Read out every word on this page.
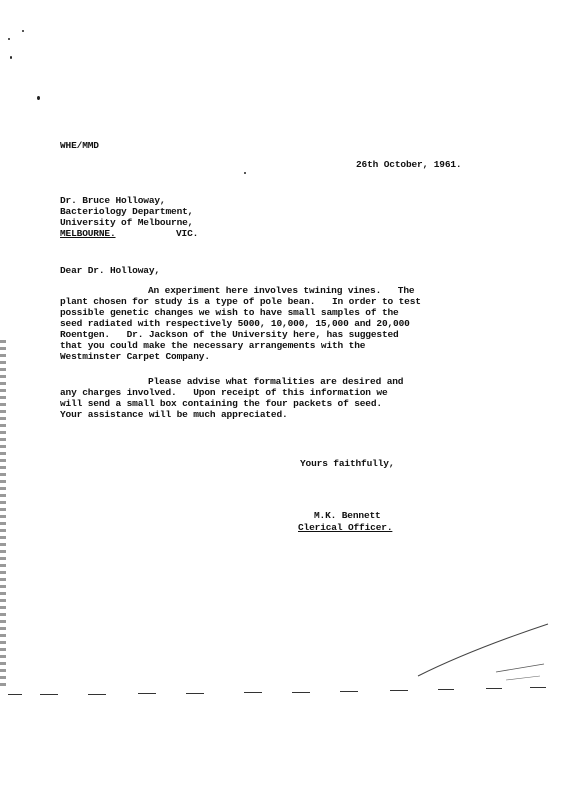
WHE/MMD
26th October, 1961.
Dr. Bruce Holloway,
Bacteriology Department,
University of Melbourne,
MELBOURNE.	VIC.
Dear Dr. Holloway,
An experiment here involves twining vines.   The
plant chosen for study is a type of pole bean.   In order to test
possible genetic changes we wish to have small samples of the
seed radiated with respectively 5000, 10,000, 15,000 and 20,000
Roentgen.   Dr. Jackson of the University here, has suggested
that you could make the necessary arrangements with the
Westminster Carpet Company.
Please advise what formalities are desired and
any charges involved.   Upon receipt of this information we
will send a small box containing the four packets of seed.
Your assistance will be much appreciated.
Yours faithfully,
M.K. Bennett
Clerical Officer.
